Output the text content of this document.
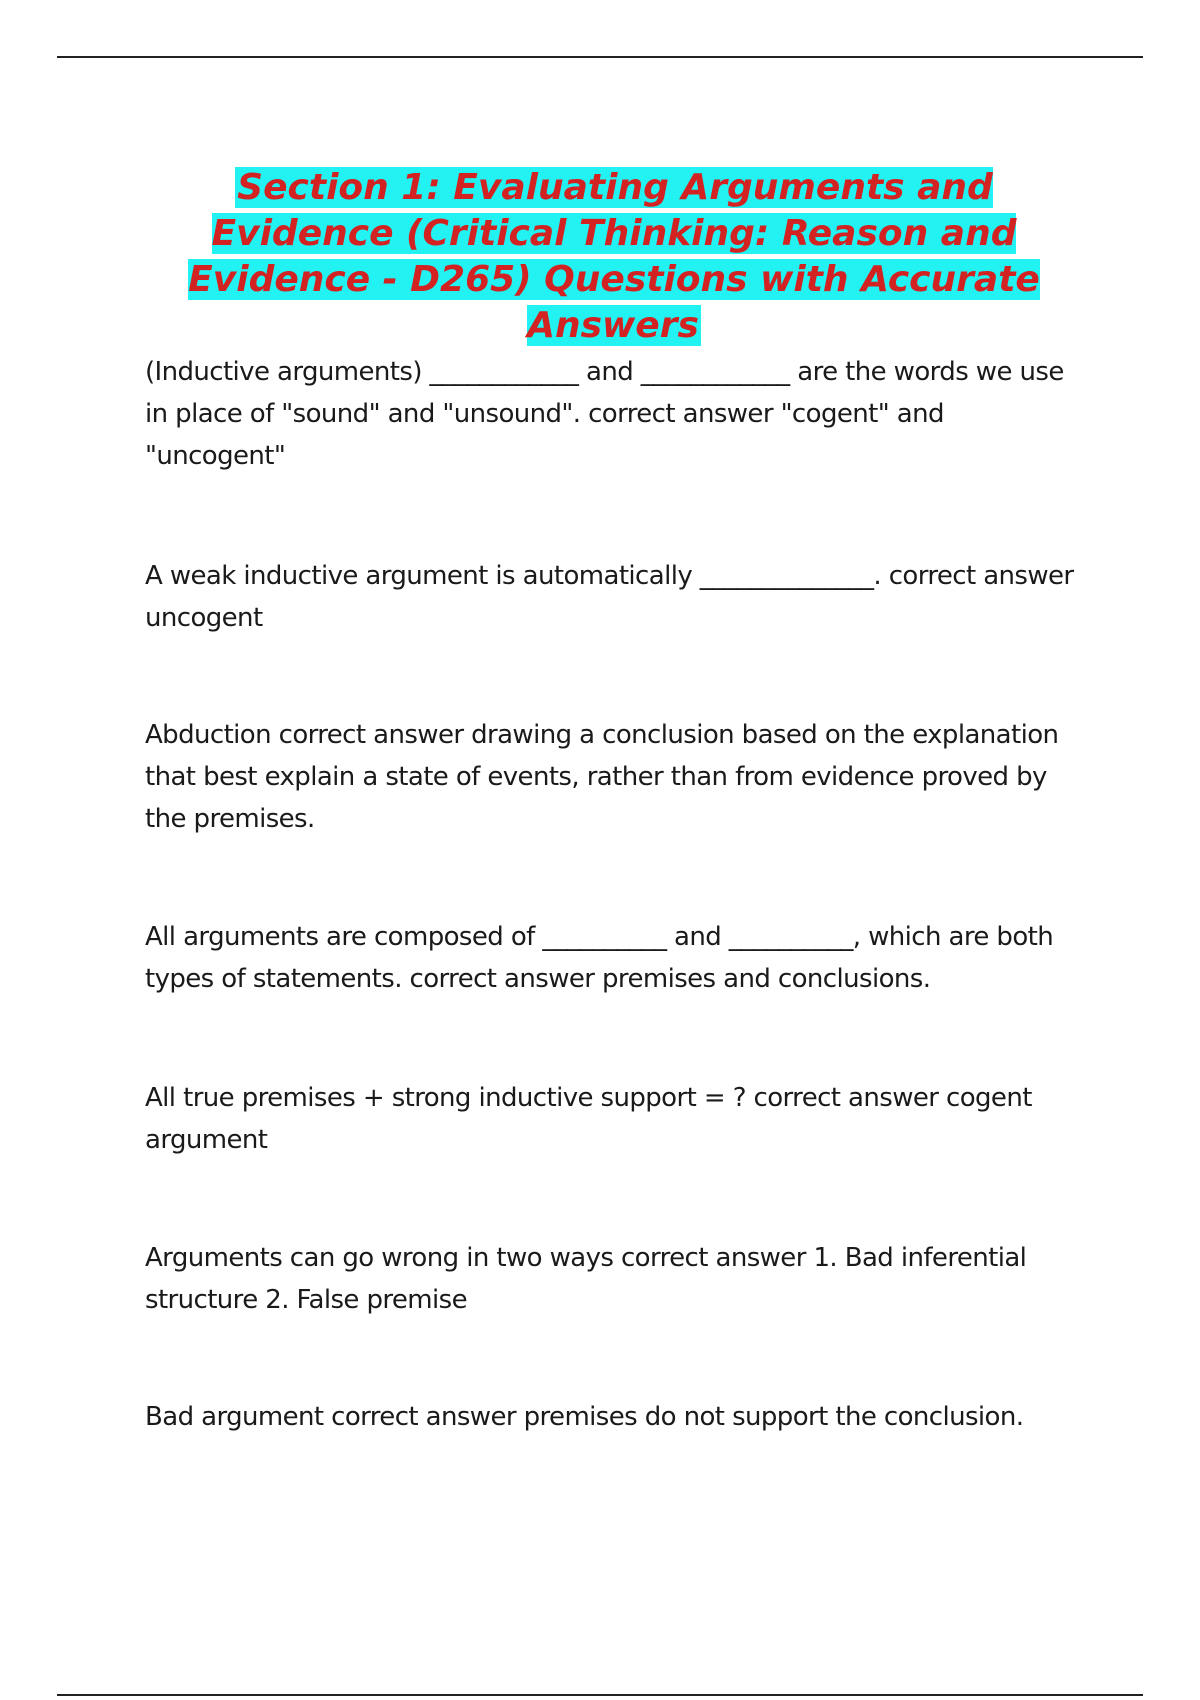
Section 1: Evaluating Arguments and Evidence (Critical Thinking: Reason and Evidence - D265) Questions with Accurate Answers

(Inductive arguments) ____________ and ____________ are the words we use in place of "sound" and "unsound". correct answer "cogent" and "uncogent"

A weak inductive argument is automatically ______________. correct answer uncogent

Abduction correct answer drawing a conclusion based on the explanation that best explain a state of events, rather than from evidence proved by the premises.

All arguments are composed of __________ and __________, which are both types of statements. correct answer premises and conclusions.

All true premises + strong inductive support = ? correct answer cogent argument

Arguments can go wrong in two ways correct answer 1. Bad inferential structure 2. False premise

Bad argument correct answer premises do not support the conclusion.
